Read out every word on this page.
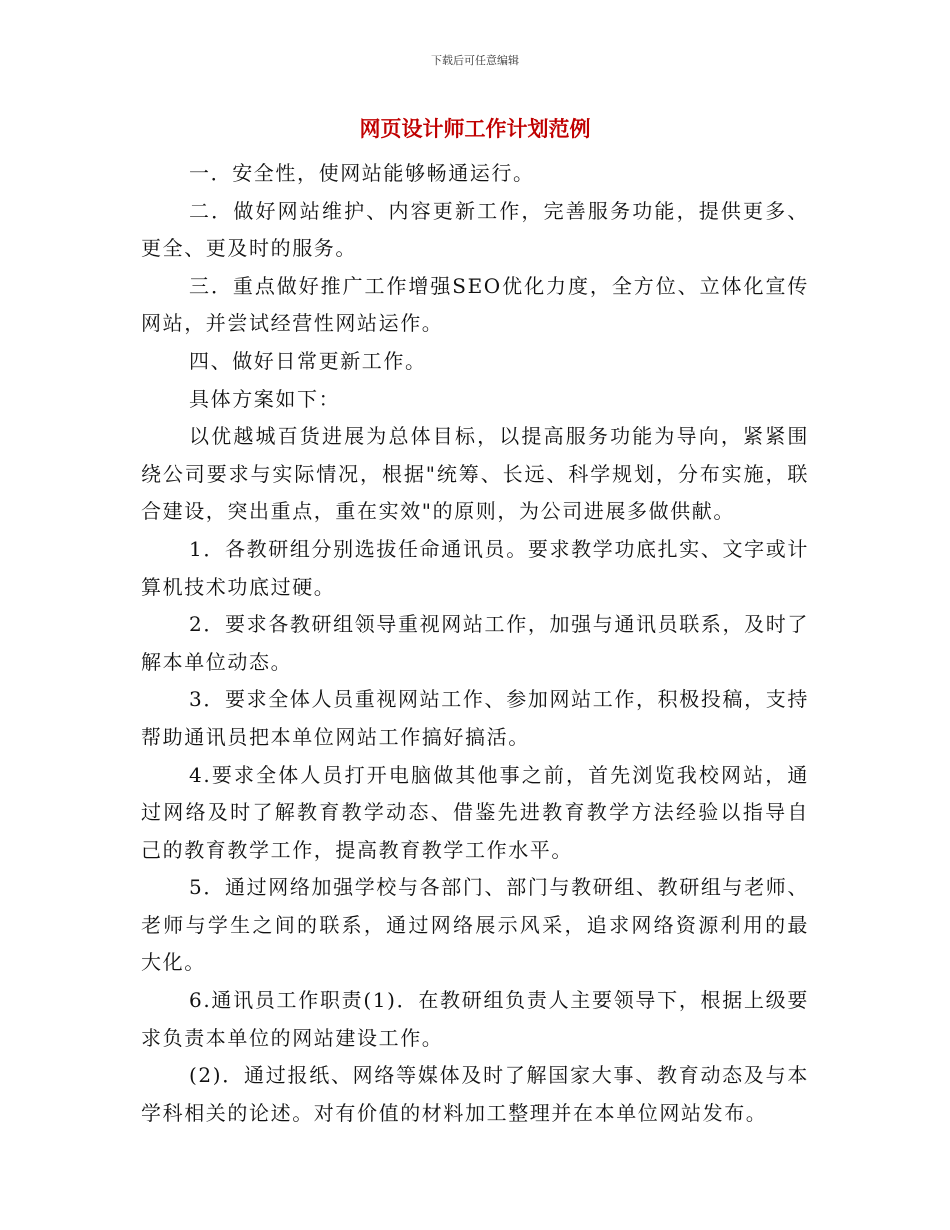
下载后可任意编辑
网页设计师工作计划范例

一．安全性，使网站能够畅通运行。

二．做好网站维护、内容更新工作，完善服务功能，提供更多、更全、更及时的服务。

三．重点做好推广工作增强SEO优化力度，全方位、立体化宣传网站，并尝试经营性网站运作。

四、做好日常更新工作。

具体方案如下：

以优越城百货进展为总体目标，以提高服务功能为导向，紧紧围绕公司要求与实际情况，根据"统筹、长远、科学规划，分布实施，联合建设，突出重点，重在实效"的原则，为公司进展多做供献。

1．各教研组分别选拔任命通讯员。要求教学功底扎实、文字或计算机技术功底过硬。

2．要求各教研组领导重视网站工作，加强与通讯员联系，及时了解本单位动态。

3．要求全体人员重视网站工作、参加网站工作，积极投稿，支持帮助通讯员把本单位网站工作搞好搞活。

4.要求全体人员打开电脑做其他事之前，首先浏览我校网站，通过网络及时了解教育教学动态、借鉴先进教育教学方法经验以指导自己的教育教学工作，提高教育教学工作水平。

5．通过网络加强学校与各部门、部门与教研组、教研组与老师、老师与学生之间的联系，通过网络展示风采，追求网络资源利用的最大化。

6.通讯员工作职责(1)．在教研组负责人主要领导下，根据上级要求负责本单位的网站建设工作。

(2)．通过报纸、网络等媒体及时了解国家大事、教育动态及与本学科相关的论述。对有价值的材料加工整理并在本单位网站发布。
